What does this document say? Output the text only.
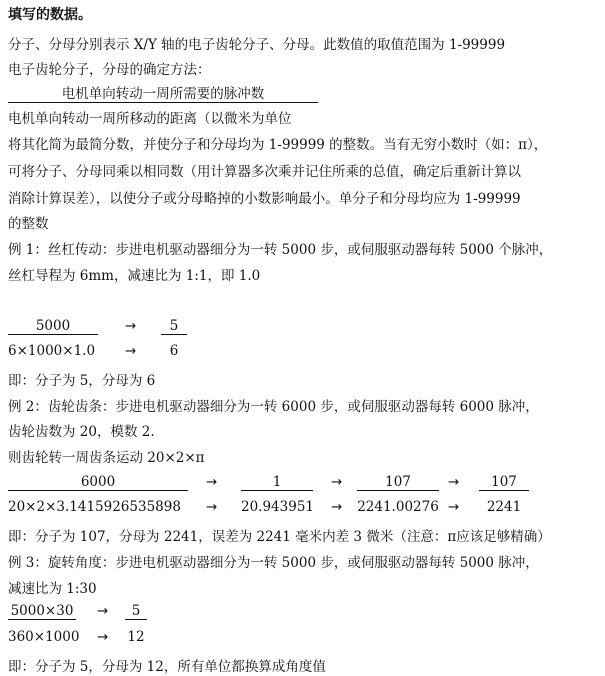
填写的数据。
分子、分母分别表示 X/Y 轴的电子齿轮分子、分母。此数值的取值范围为 1-99999
电子齿轮分子，分母的确定方法：
电机单向转动一周所需要的脉冲数
电机单向转动一周所移动的距离（以微米为单位
将其化简为最简分数，并使分子和分母均为 1-99999 的整数。当有无穷小数时（如：π），
可将分子、分母同乘以相同数（用计算器多次乘并记住所乘的总值，确定后重新计算以
消除计算误差），以使分子或分母略掉的小数影响最小。单分子和分母均应为 1-99999
的整数
例 1：丝杠传动：步进电机驱动器细分为一转 5000 步，或伺服驱动器每转 5000 个脉冲，
丝杠导程为 6mm，减速比为 1:1，即 1.0
5000	→	5
6×1000×1.0 →	6
即：分子为 5，分母为 6
例 2：齿轮齿条：步进电机驱动器细分为一转 6000 步，或伺服驱动器每转 6000 脉冲，
齿轮齿数为 20，模数 2.
则齿轮转一周齿条运动 20×2×π
6000	→	1	→	107	→	107
20×2×3.1415926535898 → 20.943951 → 2241.00276 →	2241
即：分子为 107，分母为 2241，误差为 2241 毫米内差 3 微米（注意：π应该足够精确）
例 3：旋转角度：步进电机驱动器细分为一转 5000 步，或伺服驱动器每转 5000 脉冲，
减速比为 1:30
5000×30 →	5
360×1000 → 12
即：分子为 5，分母为 12，所有单位都换算成角度值
